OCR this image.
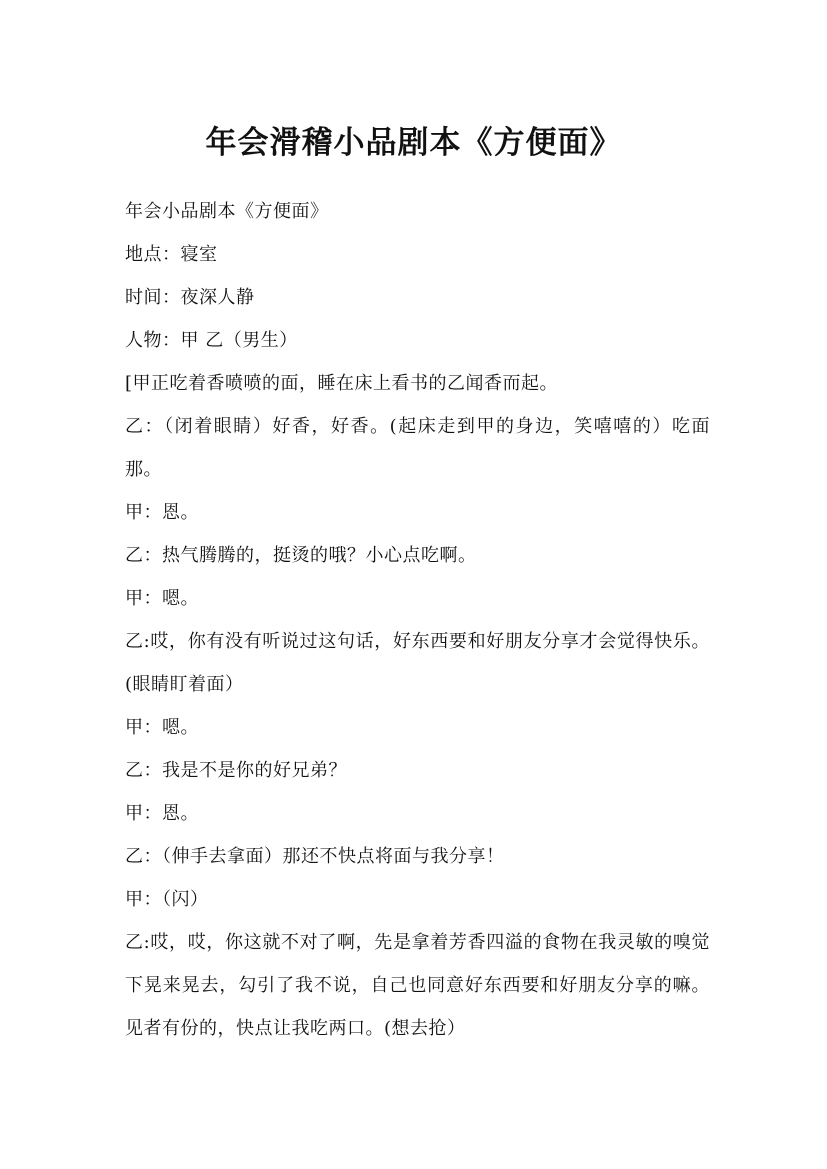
年会滑稽小品剧本《方便面》

年会小品剧本《方便面》

地点：寝室

时间：夜深人静

人物：甲 乙（男生）

[甲正吃着香喷喷的面，睡在床上看书的乙闻香而起。

乙：（闭着眼睛）好香，好香。(起床走到甲的身边，笑嘻嘻的）吃面那。

甲：恩。

乙：热气腾腾的，挺烫的哦？小心点吃啊。

甲：嗯。

乙:哎，你有没有听说过这句话，好东西要和好朋友分享才会觉得快乐。(眼睛盯着面）

甲：嗯。

乙：我是不是你的好兄弟？

甲：恩。

乙：（伸手去拿面）那还不快点将面与我分享！

甲：（闪）

乙:哎，哎，你这就不对了啊，先是拿着芳香四溢的食物在我灵敏的嗅觉下晃来晃去，勾引了我不说，自己也同意好东西要和好朋友分享的嘛。见者有份的，快点让我吃两口。(想去抢）
